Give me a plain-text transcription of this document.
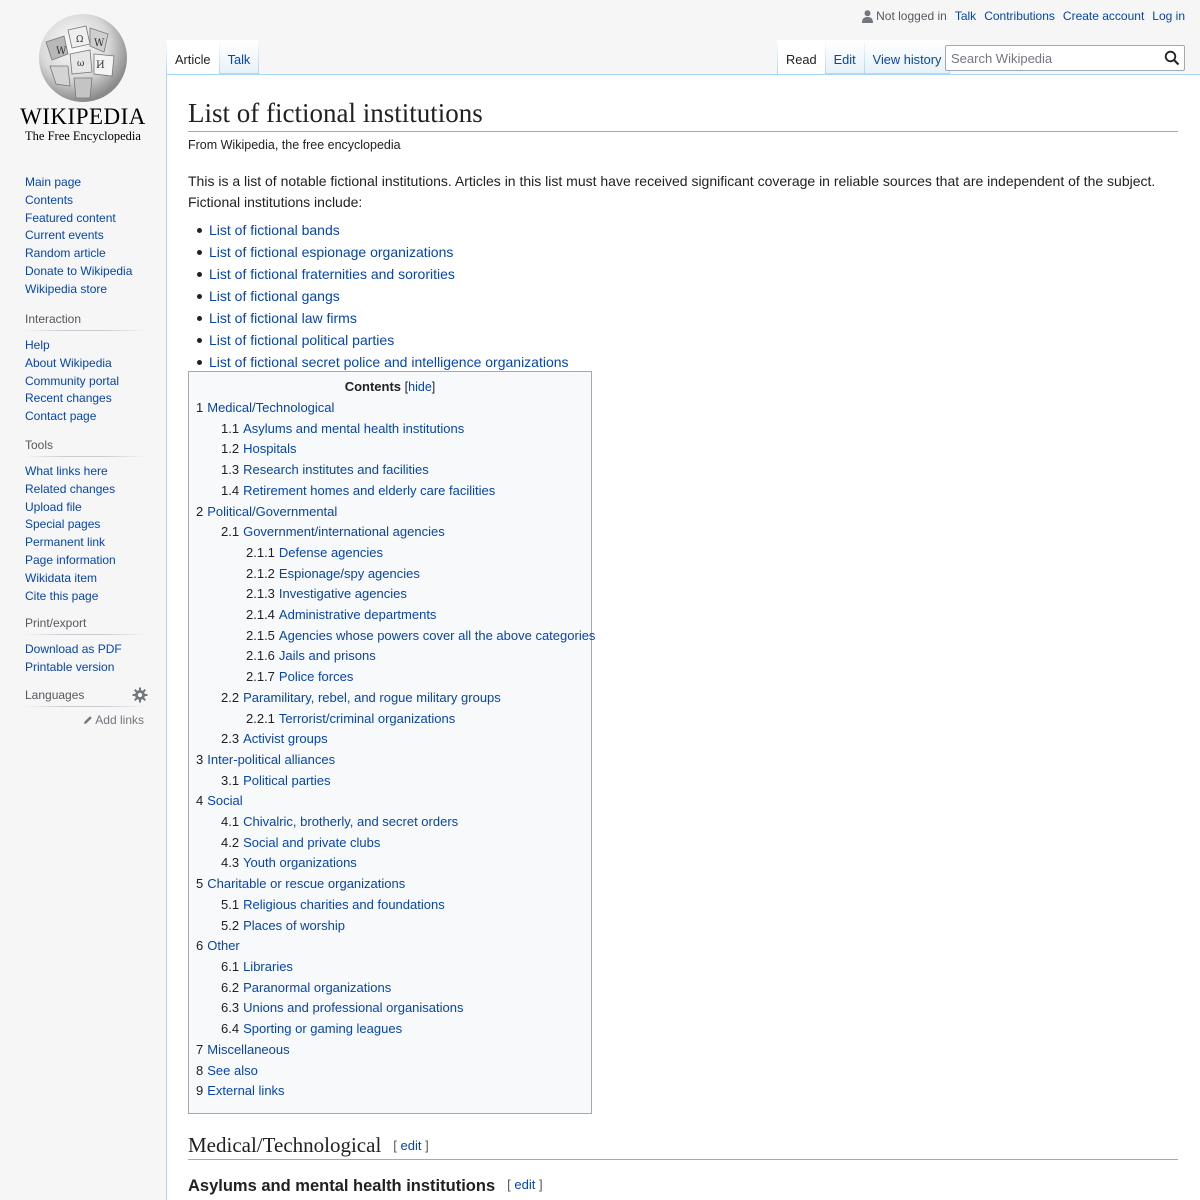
W
Ω W
И
ω
WIKIPEDIA
The Free Encyclopedia
Main page
Contents
Featured content
Current events
Random article
Donate to Wikipedia
Wikipedia store
Interaction
Help
About Wikipedia
Community portal
Recent changes
Contact page
Tools
What links here
Related changes
Upload file
Special pages
Permanent link
Page information
Wikidata item
Cite this page
Print/export
Download as PDF
Printable version
Languages
Add links
Not logged in Talk Contributions Create account Log in
Article Talk	Read Edit View history
Search Wikipedia
List of fictional institutions
From Wikipedia, the free encyclopedia

This is a list of notable fictional institutions. Articles in this list must have received significant coverage in reliable sources that are independent of the subject. Fictional institutions include:

List of fictional bands
List of fictional espionage organizations
List of fictional fraternities and sororities
List of fictional gangs
List of fictional law firms
List of fictional political parties
List of fictional secret police and intelligence organizations
Contents [hide]
1 Medical/Technological
1.1 Asylums and mental health institutions
1.2 Hospitals
1.3 Research institutes and facilities
1.4 Retirement homes and elderly care facilities
2 Political/Governmental
2.1 Government/international agencies
2.1.1 Defense agencies
2.1.2 Espionage/spy agencies
2.1.3 Investigative agencies
2.1.4 Administrative departments
2.1.5 Agencies whose powers cover all the above categories
2.1.6 Jails and prisons
2.1.7 Police forces
2.2 Paramilitary, rebel, and rogue military groups
2.2.1 Terrorist/criminal organizations
2.3 Activist groups
3 Inter-political alliances
3.1 Political parties
4 Social
4.1 Chivalric, brotherly, and secret orders
4.2 Social and private clubs
4.3 Youth organizations
5 Charitable or rescue organizations
5.1 Religious charities and foundations
5.2 Places of worship
6 Other
6.1 Libraries
6.2 Paranormal organizations
6.3 Unions and professional organisations
6.4 Sporting or gaming leagues
7 Miscellaneous
8 See also
9 External links
Medical/Technological [ edit ]
Asylums and mental health institutions [ edit ]
